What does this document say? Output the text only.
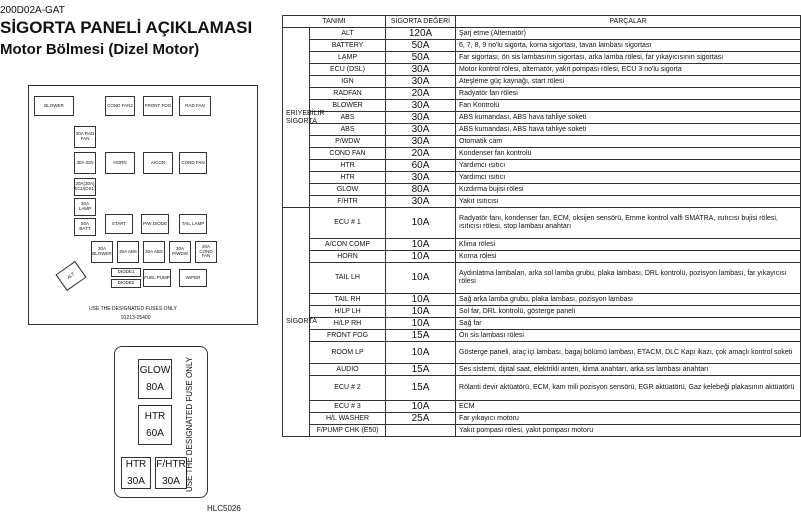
200D02A-GAT
SİGORTA PANELİ AÇIKLAMASI
Motor Bölmesi (Dizel Motor)
BLOWER	COND FAN2	FRONT FOG	RAD FAN
20A RAD FAN
30A IGN	HORN	A/CON	COND FAN
20A(30A) ECU(DSL)
30A LAMP
50A BATT
START	P/W DIODE	TAIL LAMP
30A BLOWER	30A ABS	30A ABS	30A P/WDW
20A COND FAN
ALT	DIODE1
DIODE2
FUEL PUMP	WIPER
USE THE DESIGNATED FUSES ONLY
91213-25400
GLOW
80A
HTR
60A
HTR
30A
F/HTR
30A USE THE DESIGNATED FUSE ONLY
HLC5026
TANIMI		SİGORTA DEĞERİ	PARÇALAR
ERİYEBİLİR SİGORTA	ALT	120A	Şarj etme (Alternatör)
	BATTERY	50A	6, 7, 8, 9 no'lu sigorta, korna sigortası, tavan lambası sigortası
	LAMP	50A	Far sigortası, ön sis lambasının sigortası, arka lamba rölesi, far yıkayıcısının sigortası
	ECU (DSL)	30A	Motor kontrol rölesi, alternatör, yakıt pompası rölesi, ECU 3 no'lu sigorta
	IGN	30A	Ateşleme güç kaynağı, start rölesi
	RADFAN	20A	Radyatör fan rölesi
	BLOWER	30A	Fan Kontrolü
	ABS	30A	ABS kumandası, ABS hava tahliye soketi
	ABS	30A	ABS kumandası, ABS hava tahliye soketi
	P/WDW	30A	Otomatik cam
	COND FAN	20A	Kondenser fan kontrolü
	HTR	60A	Yardımcı ısıtıcı
	HTR	30A	Yardımcı ısıtıcı
	GLOW	80A	Kızdırma bujisi rölesi
	F/HTR	30A	Yakıt ısıtıcısı
SİGORTA	ECU # 1	10A	Radyatör fanı, kondenser fan, ECM, oksijen sensörü, Emme kontrol valfi SMATRA, ısıtıcısı bujisi rölesi, ısıtıcısı rölesi, stop lambası anahtarı
	A/CON COMP	10A	Klima rölesi
	HORN	10A	Korna rölesi
	TAIL LH	10A	Aydınlatma lambaları, arka sol lamba grubu, plaka lambası, DRL kontrolü, pozisyon lambası, far yıkayıcısı rölesi
	TAIL RH	10A	Sağ arka lamba grubu, plaka lambası, pozisyon lambası
	H/LP LH	10A	Sol far, DRL kontrolü, gösterge paneli
	H/LP RH	10A	Sağ far
	FRONT FOG	15A	Ön sis lambası rölesi
	ROOM LP	10A	Gösterge paneli, araç içi lambası, bagaj bölümü lambası, ETACM, DLC Kapı ikazı, çok amaçlı kontrol soketi
	AUDIO	15A	Ses sistemi, dijital saat, elektrikli anten, klima anahtarı, arka sis lambası anahtarı
	ECU # 2	15A	Rölanti devir aktüatörü, ECM, kam mili pozisyon sensörü, EGR aktüatörü, Gaz kelebeği plakasının aktüatörü
	ECU # 3	10A	ECM
	H/L WASHER	25A	Far yıkayıcı motoru
	F/PUMP CHK (E50)		Yakıt pompası rölesi, yakıt pompası motoru
